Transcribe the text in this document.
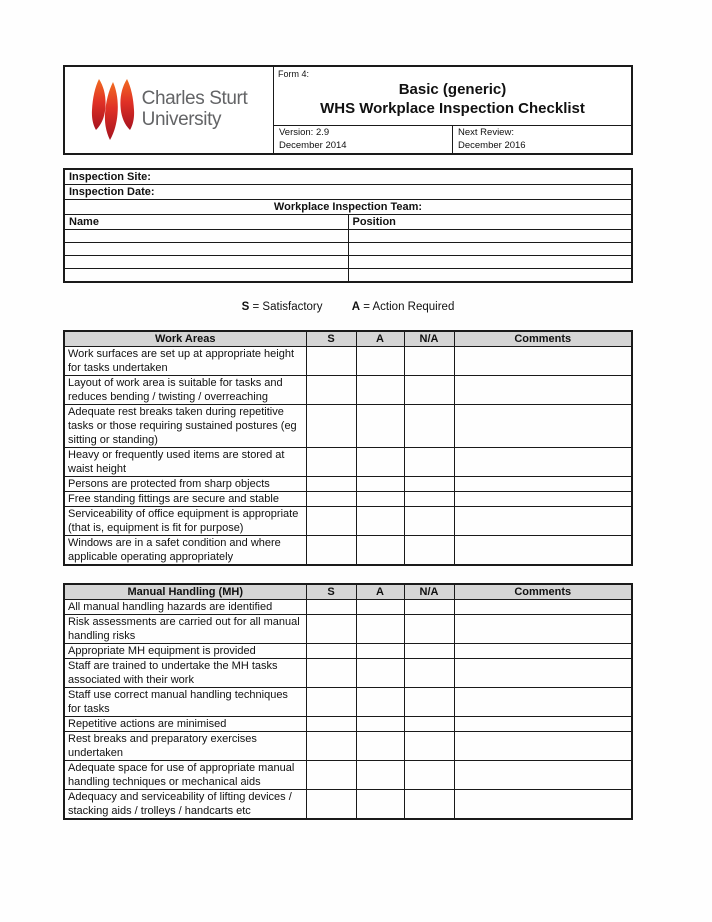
Charles Sturt
University
Form 4:
Basic (generic)
WHS Workplace Inspection Checklist
Version: 2.9
December 2014
Next Review:
December 2016
Inspection Site:	
Inspection Date:	
Workplace Inspection Team:	
Name	Position

S = Satisfactory	A = Action Required
Work Areas	S	A	N/A	Comments
Work surfaces are set up at appropriate height for tasks undertaken				
Layout of work area is suitable for tasks and reduces bending / twisting / overreaching				
Adequate rest breaks taken during repetitive tasks or those requiring sustained postures (eg sitting or standing)				
Heavy or frequently used items are stored at waist height				
Persons are protected from sharp objects				
Free standing fittings are secure and stable				
Serviceability of office equipment is appropriate (that is, equipment is fit for purpose)				
Windows are in a safet condition and where applicable operating appropriately				
Manual Handling (MH)	S	A	N/A	Comments
All manual handling hazards are identified				
Risk assessments are carried out for all manual handling risks				
Appropriate MH equipment is provided				
Staff are trained to undertake the MH tasks associated with their work				
Staff use correct manual handling techniques for tasks				
Repetitive actions are minimised				
Rest breaks and preparatory exercises undertaken				
Adequate space for use of appropriate manual handling techniques or mechanical aids				
Adequacy and serviceability of lifting devices / stacking aids / trolleys / handcarts etc				
